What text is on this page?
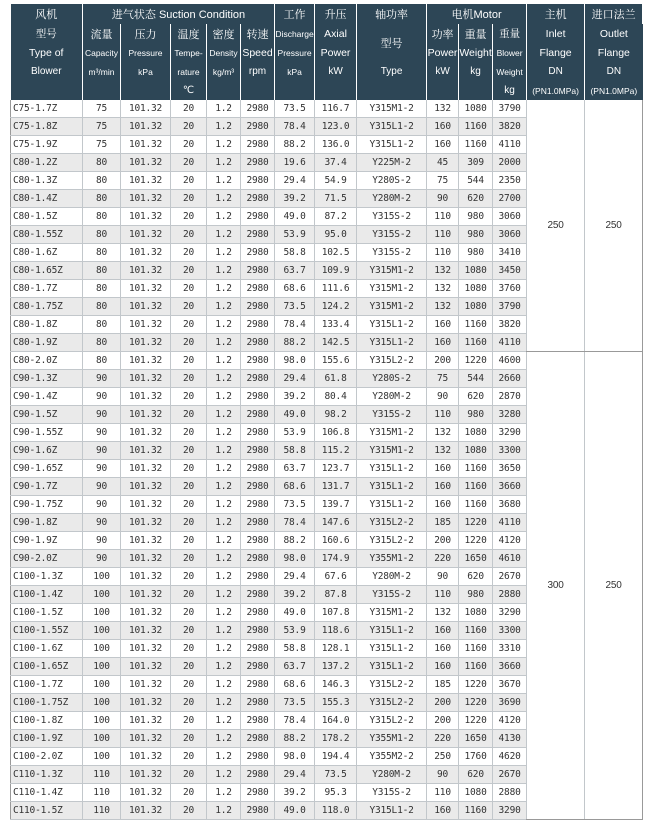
风机	进气状态 Suction Condition					工作	升压	轴功率	电机Motor			主机	进口法兰	
型号	流量	压力	温度	密度	转速	Discharge	Axial	型号	功率	重量	重量	Inlet	Outlet	
Type of	Capacity	Pressure	Tempe-	Density	Speed	Pressure	Power		Power	Weight	Blower	Flange	Flange	
Blower	m³/min	kPa	rature	kg/m³	rpm	kPa	kW	Type	kW	kg	Weight	DN	DN	
			℃								kg	(PN1.0MPa)	(PN1.0MPa)	
C75-1.7Z	75	101.32	20	1.2	2980	73.5	116.7	Y315M1-2	132	1080	3790	250	250	
C75-1.8Z	75	101.32	20	1.2	2980	78.4	123.0	Y315L1-2	160	1160	3820			
C75-1.9Z	75	101.32	20	1.2	2980	88.2	136.0	Y315L1-2	160	1160	4110			
C80-1.2Z	80	101.32	20	1.2	2980	19.6	37.4	Y225M-2	45	309	2000			
C80-1.3Z	80	101.32	20	1.2	2980	29.4	54.9	Y280S-2	75	544	2350			
C80-1.4Z	80	101.32	20	1.2	2980	39.2	71.5	Y280M-2	90	620	2700			
C80-1.5Z	80	101.32	20	1.2	2980	49.0	87.2	Y315S-2	110	980	3060			
C80-1.55Z	80	101.32	20	1.2	2980	53.9	95.0	Y315S-2	110	980	3060			
C80-1.6Z	80	101.32	20	1.2	2980	58.8	102.5	Y315S-2	110	980	3410			
C80-1.65Z	80	101.32	20	1.2	2980	63.7	109.9	Y315M1-2	132	1080	3450			
C80-1.7Z	80	101.32	20	1.2	2980	68.6	111.6	Y315M1-2	132	1080	3760			
C80-1.75Z	80	101.32	20	1.2	2980	73.5	124.2	Y315M1-2	132	1080	3790			
C80-1.8Z	80	101.32	20	1.2	2980	78.4	133.4	Y315L1-2	160	1160	3820			
C80-1.9Z	80	101.32	20	1.2	2980	88.2	142.5	Y315L1-2	160	1160	4110			
C80-2.0Z	80	101.32	20	1.2	2980	98.0	155.6	Y315L2-2	200	1220	4600	300	250	
C90-1.3Z	90	101.32	20	1.2	2980	29.4	61.8	Y280S-2	75	544	2660			
C90-1.4Z	90	101.32	20	1.2	2980	39.2	80.4	Y280M-2	90	620	2870			
C90-1.5Z	90	101.32	20	1.2	2980	49.0	98.2	Y315S-2	110	980	3280			
C90-1.55Z	90	101.32	20	1.2	2980	53.9	106.8	Y315M1-2	132	1080	3290			
C90-1.6Z	90	101.32	20	1.2	2980	58.8	115.2	Y315M1-2	132	1080	3300			
C90-1.65Z	90	101.32	20	1.2	2980	63.7	123.7	Y315L1-2	160	1160	3650			
C90-1.7Z	90	101.32	20	1.2	2980	68.6	131.7	Y315L1-2	160	1160	3660			
C90-1.75Z	90	101.32	20	1.2	2980	73.5	139.7	Y315L1-2	160	1160	3680			
C90-1.8Z	90	101.32	20	1.2	2980	78.4	147.6	Y315L2-2	185	1220	4110			
C90-1.9Z	90	101.32	20	1.2	2980	88.2	160.6	Y315L2-2	200	1220	4120			
C90-2.0Z	90	101.32	20	1.2	2980	98.0	174.9	Y355M1-2	220	1650	4610			
C100-1.3Z	100	101.32	20	1.2	2980	29.4	67.6	Y280M-2	90	620	2670			
C100-1.4Z	100	101.32	20	1.2	2980	39.2	87.8	Y315S-2	110	980	2880			
C100-1.5Z	100	101.32	20	1.2	2980	49.0	107.8	Y315M1-2	132	1080	3290			
C100-1.55Z	100	101.32	20	1.2	2980	53.9	118.6	Y315L1-2	160	1160	3300			
C100-1.6Z	100	101.32	20	1.2	2980	58.8	128.1	Y315L1-2	160	1160	3310			
C100-1.65Z	100	101.32	20	1.2	2980	63.7	137.2	Y315L1-2	160	1160	3660			
C100-1.7Z	100	101.32	20	1.2	2980	68.6	146.3	Y315L2-2	185	1220	3670			
C100-1.75Z	100	101.32	20	1.2	2980	73.5	155.3	Y315L2-2	200	1220	3690			
C100-1.8Z	100	101.32	20	1.2	2980	78.4	164.0	Y315L2-2	200	1220	4120			
C100-1.9Z	100	101.32	20	1.2	2980	88.2	178.2	Y355M1-2	220	1650	4130			
C100-2.0Z	100	101.32	20	1.2	2980	98.0	194.4	Y355M2-2	250	1760	4620			
C110-1.3Z	110	101.32	20	1.2	2980	29.4	73.5	Y280M-2	90	620	2670			
C110-1.4Z	110	101.32	20	1.2	2980	39.2	95.3	Y315S-2	110	1080	2880			
C110-1.5Z	110	101.32	20	1.2	2980	49.0	118.0	Y315L1-2	160	1160	3290			
